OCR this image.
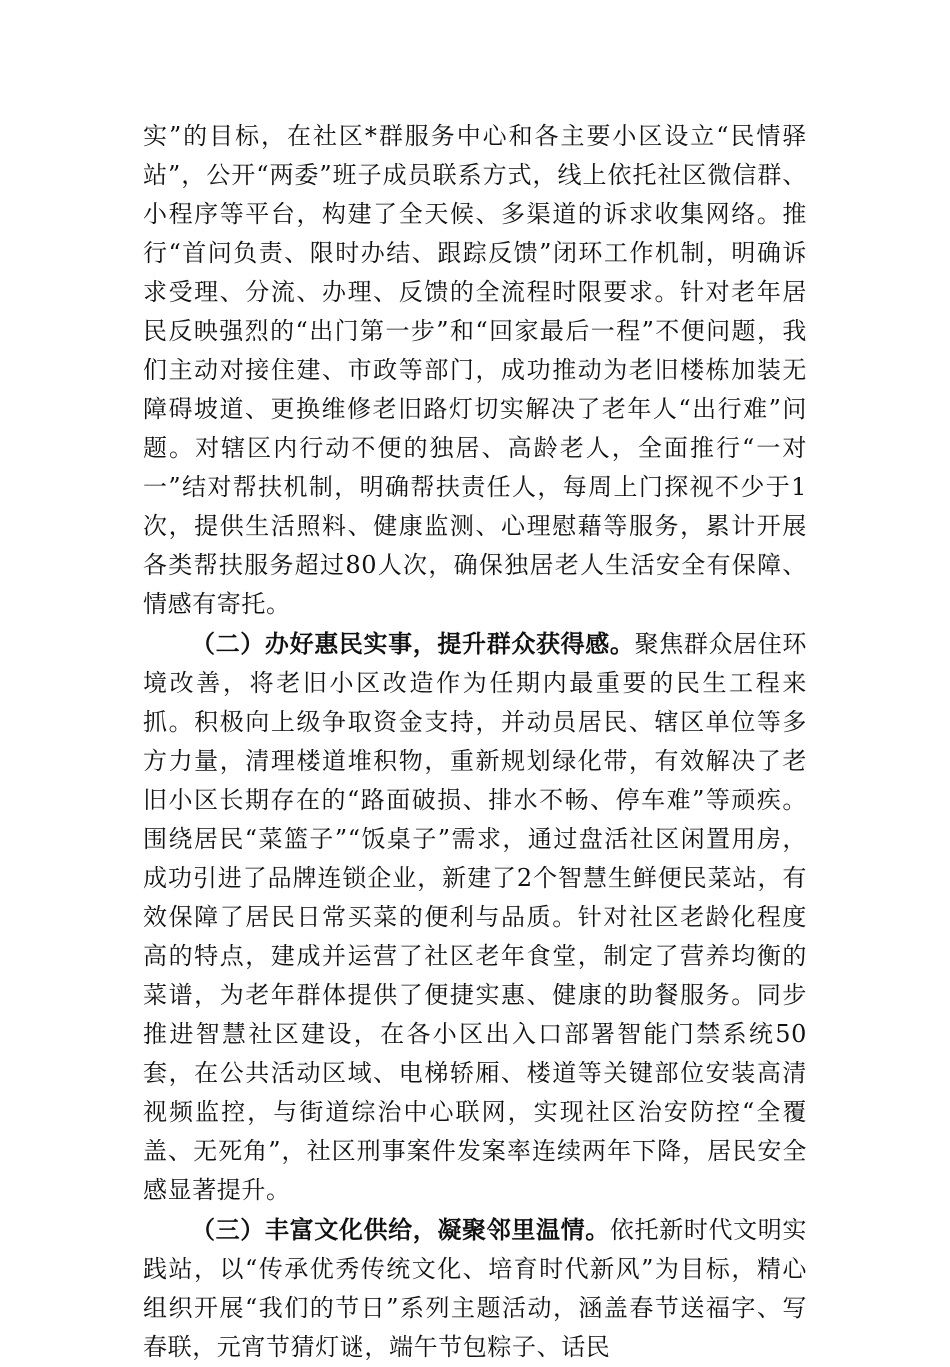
实”的目标，在社区*群服务中心和各主要小区设立“民情驿站”，公开“两委”班子成员联系方式，线上依托社区微信群、小程序等平台，构建了全天候、多渠道的诉求收集网络。推行“首问负责、限时办结、跟踪反馈”闭环工作机制，明确诉求受理、分流、办理、反馈的全流程时限要求。针对老年居民反映强烈的“出门第一步”和“回家最后一程”不便问题，我们主动对接住建、市政等部门，成功推动为老旧楼栋加装无障碍坡道、更换维修老旧路灯切实解决了老年人“出行难”问题。对辖区内行动不便的独居、高龄老人，全面推行“一对一”结对帮扶机制，明确帮扶责任人，每周上门探视不少于1次，提供生活照料、健康监测、心理慰藉等服务，累计开展各类帮扶服务超过80人次，确保独居老人生活安全有保障、情感有寄托。

（二）办好惠民实事，提升群众获得感。聚焦群众居住环境改善，将老旧小区改造作为任期内最重要的民生工程来抓。积极向上级争取资金支持，并动员居民、辖区单位等多方力量，清理楼道堆积物，重新规划绿化带，有效解决了老旧小区长期存在的“路面破损、排水不畅、停车难”等顽疾。围绕居民“菜篮子”“饭桌子”需求，通过盘活社区闲置用房，成功引进了品牌连锁企业，新建了2个智慧生鲜便民菜站，有效保障了居民日常买菜的便利与品质。针对社区老龄化程度高的特点，建成并运营了社区老年食堂，制定了营养均衡的菜谱，为老年群体提供了便捷实惠、健康的助餐服务。同步推进智慧社区建设，在各小区出入口部署智能门禁系统50套，在公共活动区域、电梯轿厢、楼道等关键部位安装高清视频监控，与街道综治中心联网，实现社区治安防控“全覆盖、无死角”，社区刑事案件发案率连续两年下降，居民安全感显著提升。

（三）丰富文化供给，凝聚邻里温情。依托新时代文明实践站，以“传承优秀传统文化、培育时代新风”为目标，精心组织开展“我们的节日”系列主题活动，涵盖春节送福字、写春联，元宵节猜灯谜，端午节包粽子、话民
